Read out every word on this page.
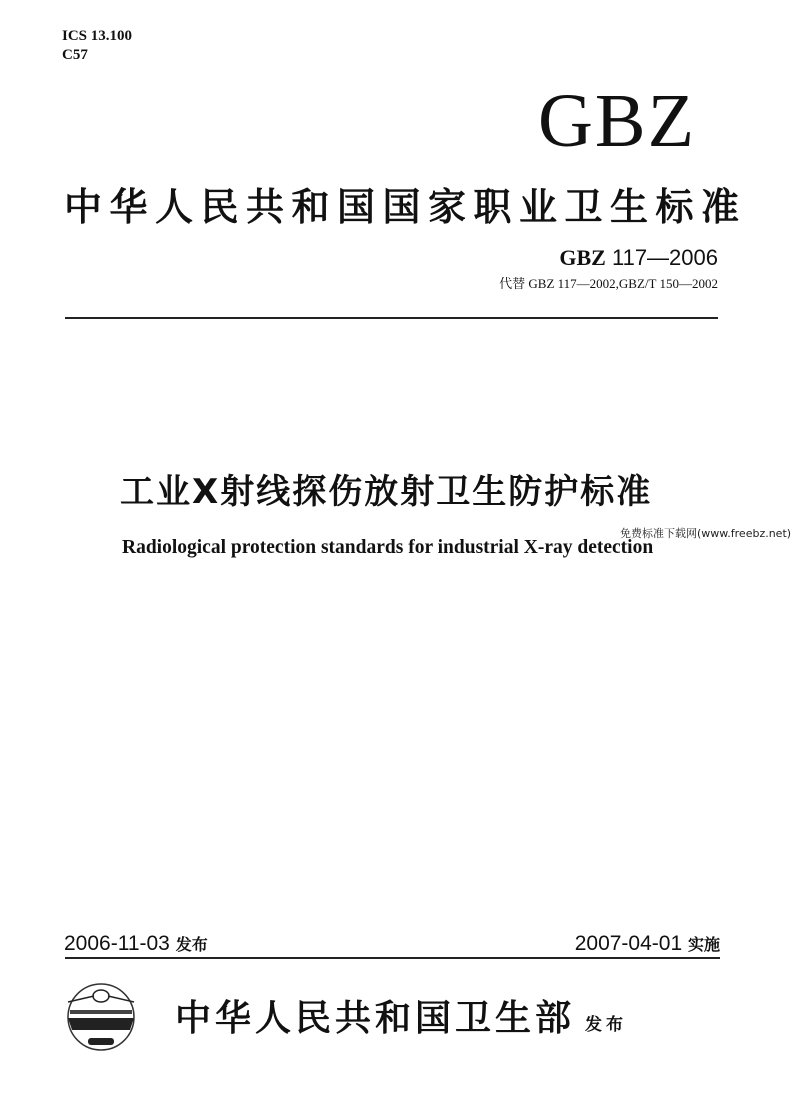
ICS 13.100
C57
GBZ
中华人民共和国国家职业卫生标准
GBZ 117—2006
代替 GBZ 117—2002,GBZ/T 150—2002
工业X射线探伤放射卫生防护标准
免费标准下载网(www.freebz.net)
Radiological protection standards for industrial X-ray detection
2006-11-03 发布	2007-04-01 实施
中华人民共和国卫生部 发布
